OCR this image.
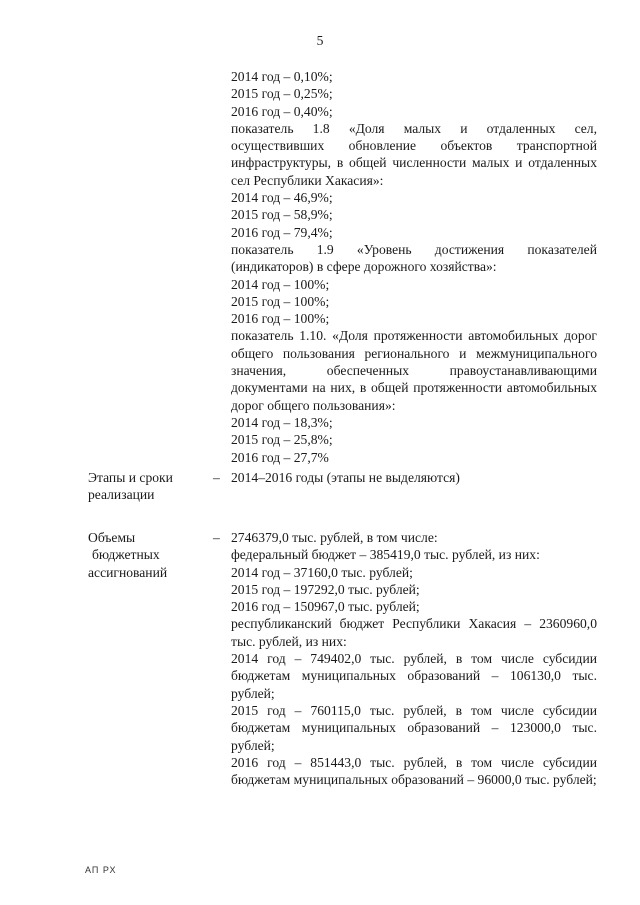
5
2014 год – 0,10%;
2015 год – 0,25%;
2016 год – 0,40%;
показатель 1.8 «Доля малых и отдаленных сел, осуществивших обновление объектов транспортной инфраструктуры, в общей численности малых и отдаленных сел Республики Хакасия»:
2014 год – 46,9%;
2015 год – 58,9%;
2016 год – 79,4%;
показатель 1.9 «Уровень достижения показателей (индикаторов) в сфере дорожного хозяйства»:
2014 год – 100%;
2015 год – 100%;
2016 год – 100%;
показатель 1.10. «Доля протяженности автомобильных дорог общего пользования регионального и межмуниципального значения, обеспеченных правоустанавливающими документами на них, в общей протяженности автомобильных дорог общего пользования»:
2014 год – 18,3%;
2015 год – 25,8%;
2016 год – 27,7%
Этапы и сроки
реализации
– 2014–2016 годы (этапы не выделяются)
Объемы
бюджетных
ассигнований
– 2746379,0 тыс. рублей, в том числе:
федеральный бюджет – 385419,0 тыс. рублей, из них:
2014 год – 37160,0 тыс. рублей;
2015 год – 197292,0 тыс. рублей;
2016 год – 150967,0 тыс. рублей;
республиканский бюджет Республики Хакасия – 2360960,0 тыс. рублей, из них:
2014 год – 749402,0 тыс. рублей, в том числе субсидии бюджетам муниципальных образований – 106130,0 тыс. рублей;
2015 год – 760115,0 тыс. рублей, в том числе субсидии бюджетам муниципальных образований – 123000,0 тыс. рублей;
2016 год – 851443,0 тыс. рублей, в том числе субсидии бюджетам муниципальных образований – 96000,0 тыс. рублей;
АП РХ
